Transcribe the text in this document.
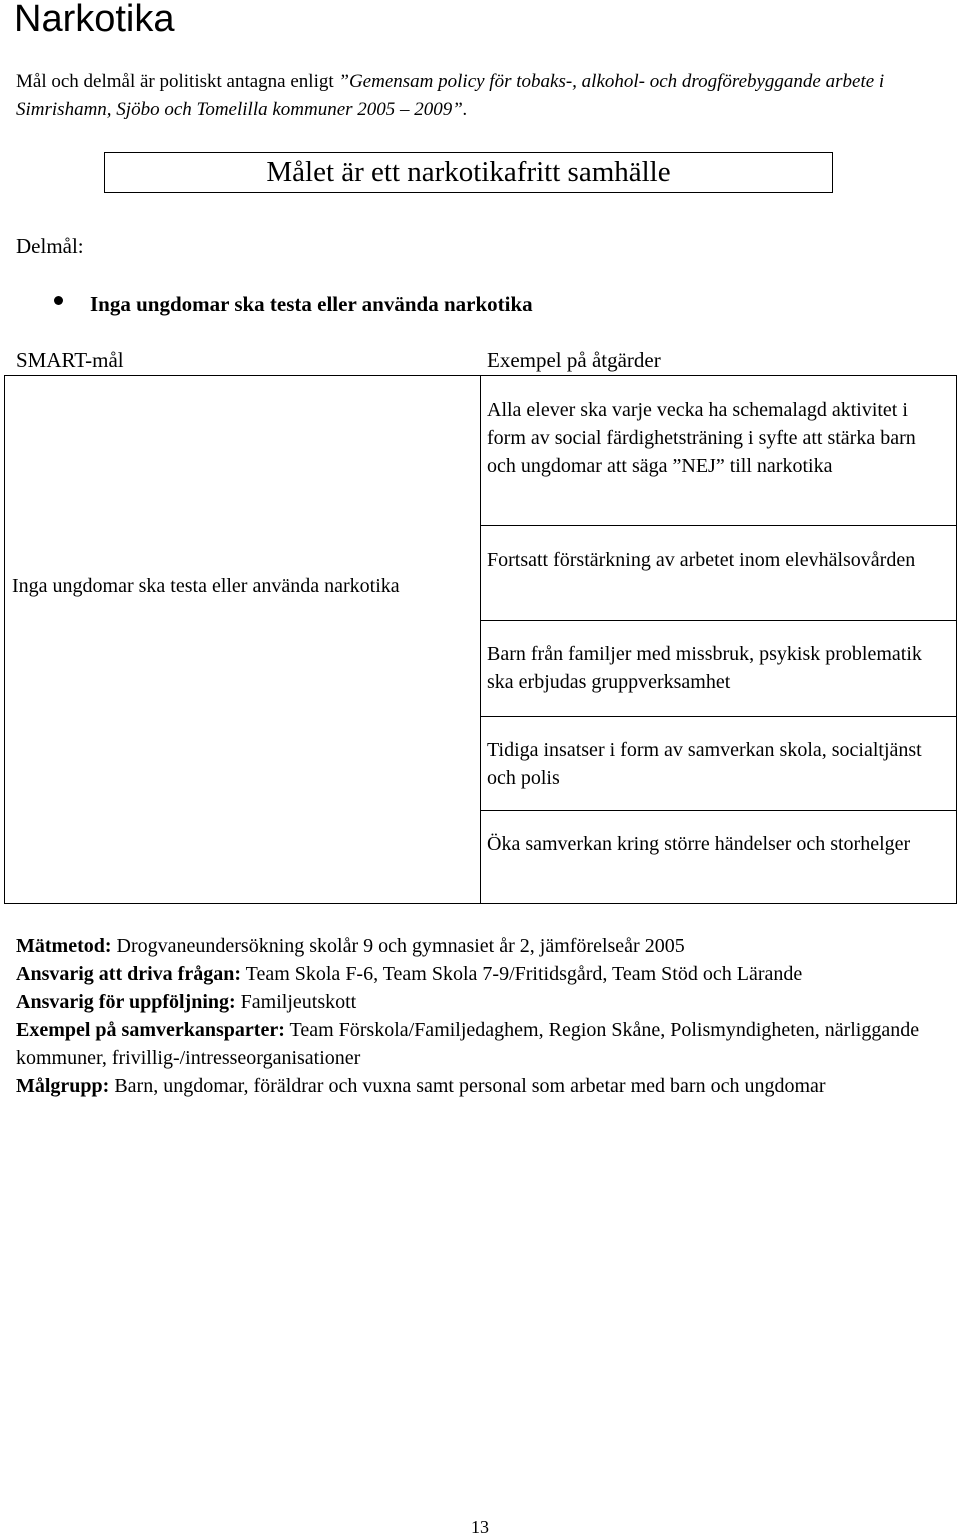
Narkotika
Mål och delmål är politiskt antagna enligt ”Gemensam policy för tobaks-, alkohol- och drogförebyggande arbete i Simrishamn, Sjöbo och Tomelilla kommuner 2005 – 2009”.
Målet är ett narkotikafritt samhälle
Delmål:
Inga ungdomar ska testa eller använda narkotika
SMART-mål	Exempel på åtgärder
Inga ungdomar ska testa eller använda narkotika
Alla elever ska varje vecka ha schemalagd aktivitet i form av social färdighetsträning i syfte att stärka barn och ungdomar att säga ”NEJ” till narkotika
Fortsatt förstärkning av arbetet inom elevhälsovården
Barn från familjer med missbruk, psykisk problematik ska erbjudas gruppverksamhet
Tidiga insatser i form av samverkan skola, socialtjänst och polis
Öka samverkan kring större händelser och storhelger
Mätmetod: Drogvaneundersökning skolår 9 och gymnasiet år 2, jämförelseår 2005
Ansvarig att driva frågan: Team Skola F-6, Team Skola 7-9/Fritidsgård, Team Stöd och Lärande
Ansvarig för uppföljning: Familjeutskott
Exempel på samverkansparter: Team Förskola/Familjedaghem, Region Skåne, Polismyndigheten, närliggande kommuner, frivillig-/intresseorganisationer
Målgrupp: Barn, ungdomar, föräldrar och vuxna samt personal som arbetar med barn och ungdomar
13
